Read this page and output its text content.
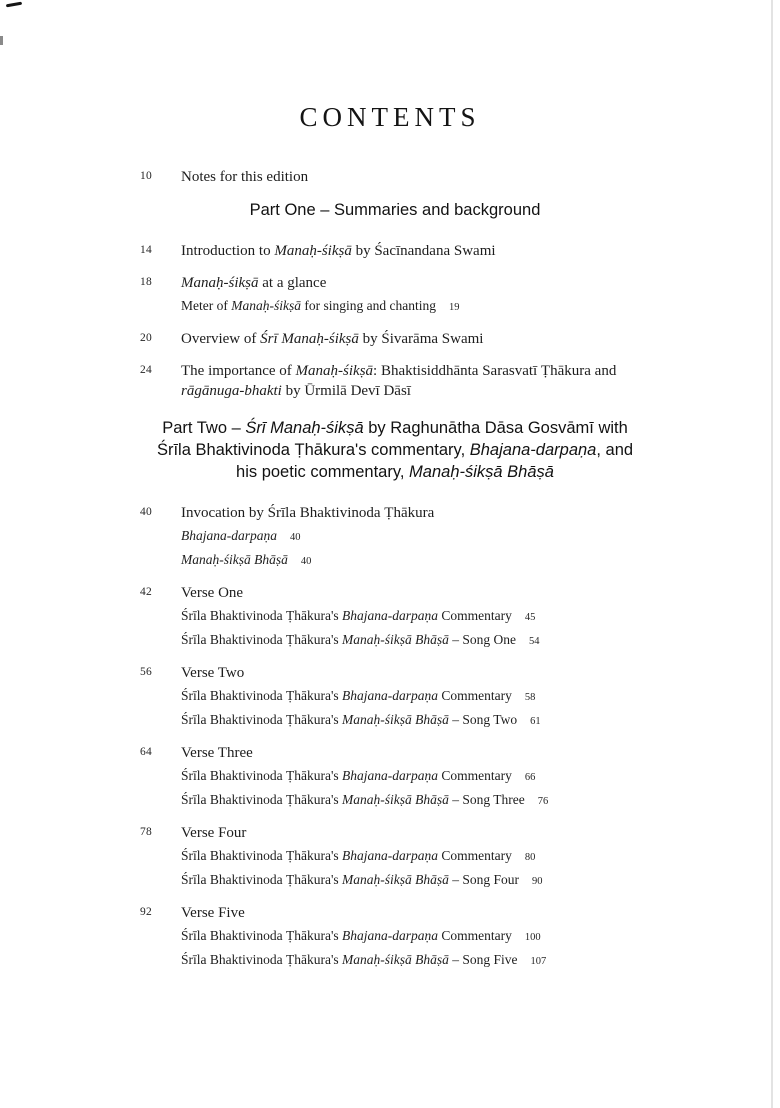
CONTENTS
10	Notes for this edition
Part One – Summaries and background
14	Introduction to Manaḥ-śikṣā by Śacīnandana Swami
18	Manaḥ-śikṣā at a glance
Meter of Manaḥ-śikṣā for singing and chanting 19
20	Overview of Śrī Manaḥ-śikṣā by Śivarāma Swami
24	The importance of Manaḥ-śikṣā: Bhaktisiddhānta Sarasvatī Ṭhākura and rāgānuga-bhakti by Ūrmilā Devī Dāsī
Part Two – Śrī Manaḥ-śikṣā by Raghunātha Dāsa Gosvāmī with
Śrīla Bhaktivinoda Ṭhākura's commentary, Bhajana-darpaṇa, and
his poetic commentary, Manaḥ-śikṣā Bhāṣā
40	Invocation by Śrīla Bhaktivinoda Ṭhākura
Bhajana-darpaṇa 40
Manaḥ-śikṣā Bhāṣā 40
42	Verse One
Śrīla Bhaktivinoda Ṭhākura's Bhajana-darpaṇa Commentary 45
Śrīla Bhaktivinoda Ṭhākura's Manaḥ-śikṣā Bhāṣā – Song One 54
56	Verse Two
Śrīla Bhaktivinoda Ṭhākura's Bhajana-darpaṇa Commentary 58
Śrīla Bhaktivinoda Ṭhākura's Manaḥ-śikṣā Bhāṣā – Song Two 61
64	Verse Three
Śrīla Bhaktivinoda Ṭhākura's Bhajana-darpaṇa Commentary 66
Śrīla Bhaktivinoda Ṭhākura's Manaḥ-śikṣā Bhāṣā – Song Three 76
78	Verse Four
Śrīla Bhaktivinoda Ṭhākura's Bhajana-darpaṇa Commentary 80
Śrīla Bhaktivinoda Ṭhākura's Manaḥ-śikṣā Bhāṣā – Song Four 90
92	Verse Five
Śrīla Bhaktivinoda Ṭhākura's Bhajana-darpaṇa Commentary 100
Śrīla Bhaktivinoda Ṭhākura's Manaḥ-śikṣā Bhāṣā – Song Five 107
